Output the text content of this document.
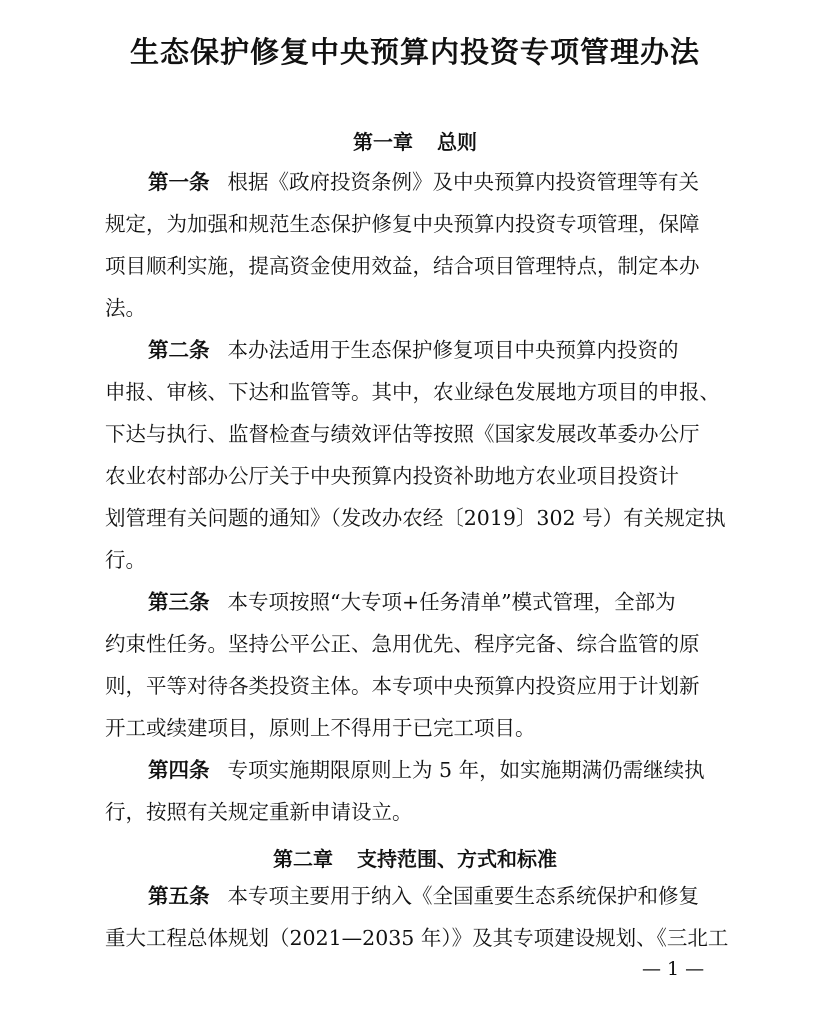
生态保护修复中央预算内投资专项管理办法
第一章 总则
第一条 根据《政府投资条例》及中央预算内投资管理等有关
规定，为加强和规范生态保护修复中央预算内投资专项管理，保障
项目顺利实施，提高资金使用效益，结合项目管理特点，制定本办
法。
第二条 本办法适用于生态保护修复项目中央预算内投资的
申报、审核、下达和监管等。其中，农业绿色发展地方项目的申报、
下达与执行、监督检查与绩效评估等按照《国家发展改革委办公厅
农业农村部办公厅关于中央预算内投资补助地方农业项目投资计
划管理有关问题的通知》（发改办农经〔2019〕302 号）有关规定执
行。
第三条 本专项按照“大专项+任务清单”模式管理，全部为
约束性任务。坚持公平公正、急用优先、程序完备、综合监管的原
则，平等对待各类投资主体。本专项中央预算内投资应用于计划新
开工或续建项目，原则上不得用于已完工项目。
第四条 专项实施期限原则上为 5 年，如实施期满仍需继续执
行，按照有关规定重新申请设立。
第二章 支持范围、方式和标准
第五条 本专项主要用于纳入《全国重要生态系统保护和修复
重大工程总体规划（2021—2035 年）》及其专项建设规划、《三北工
— 1 —
